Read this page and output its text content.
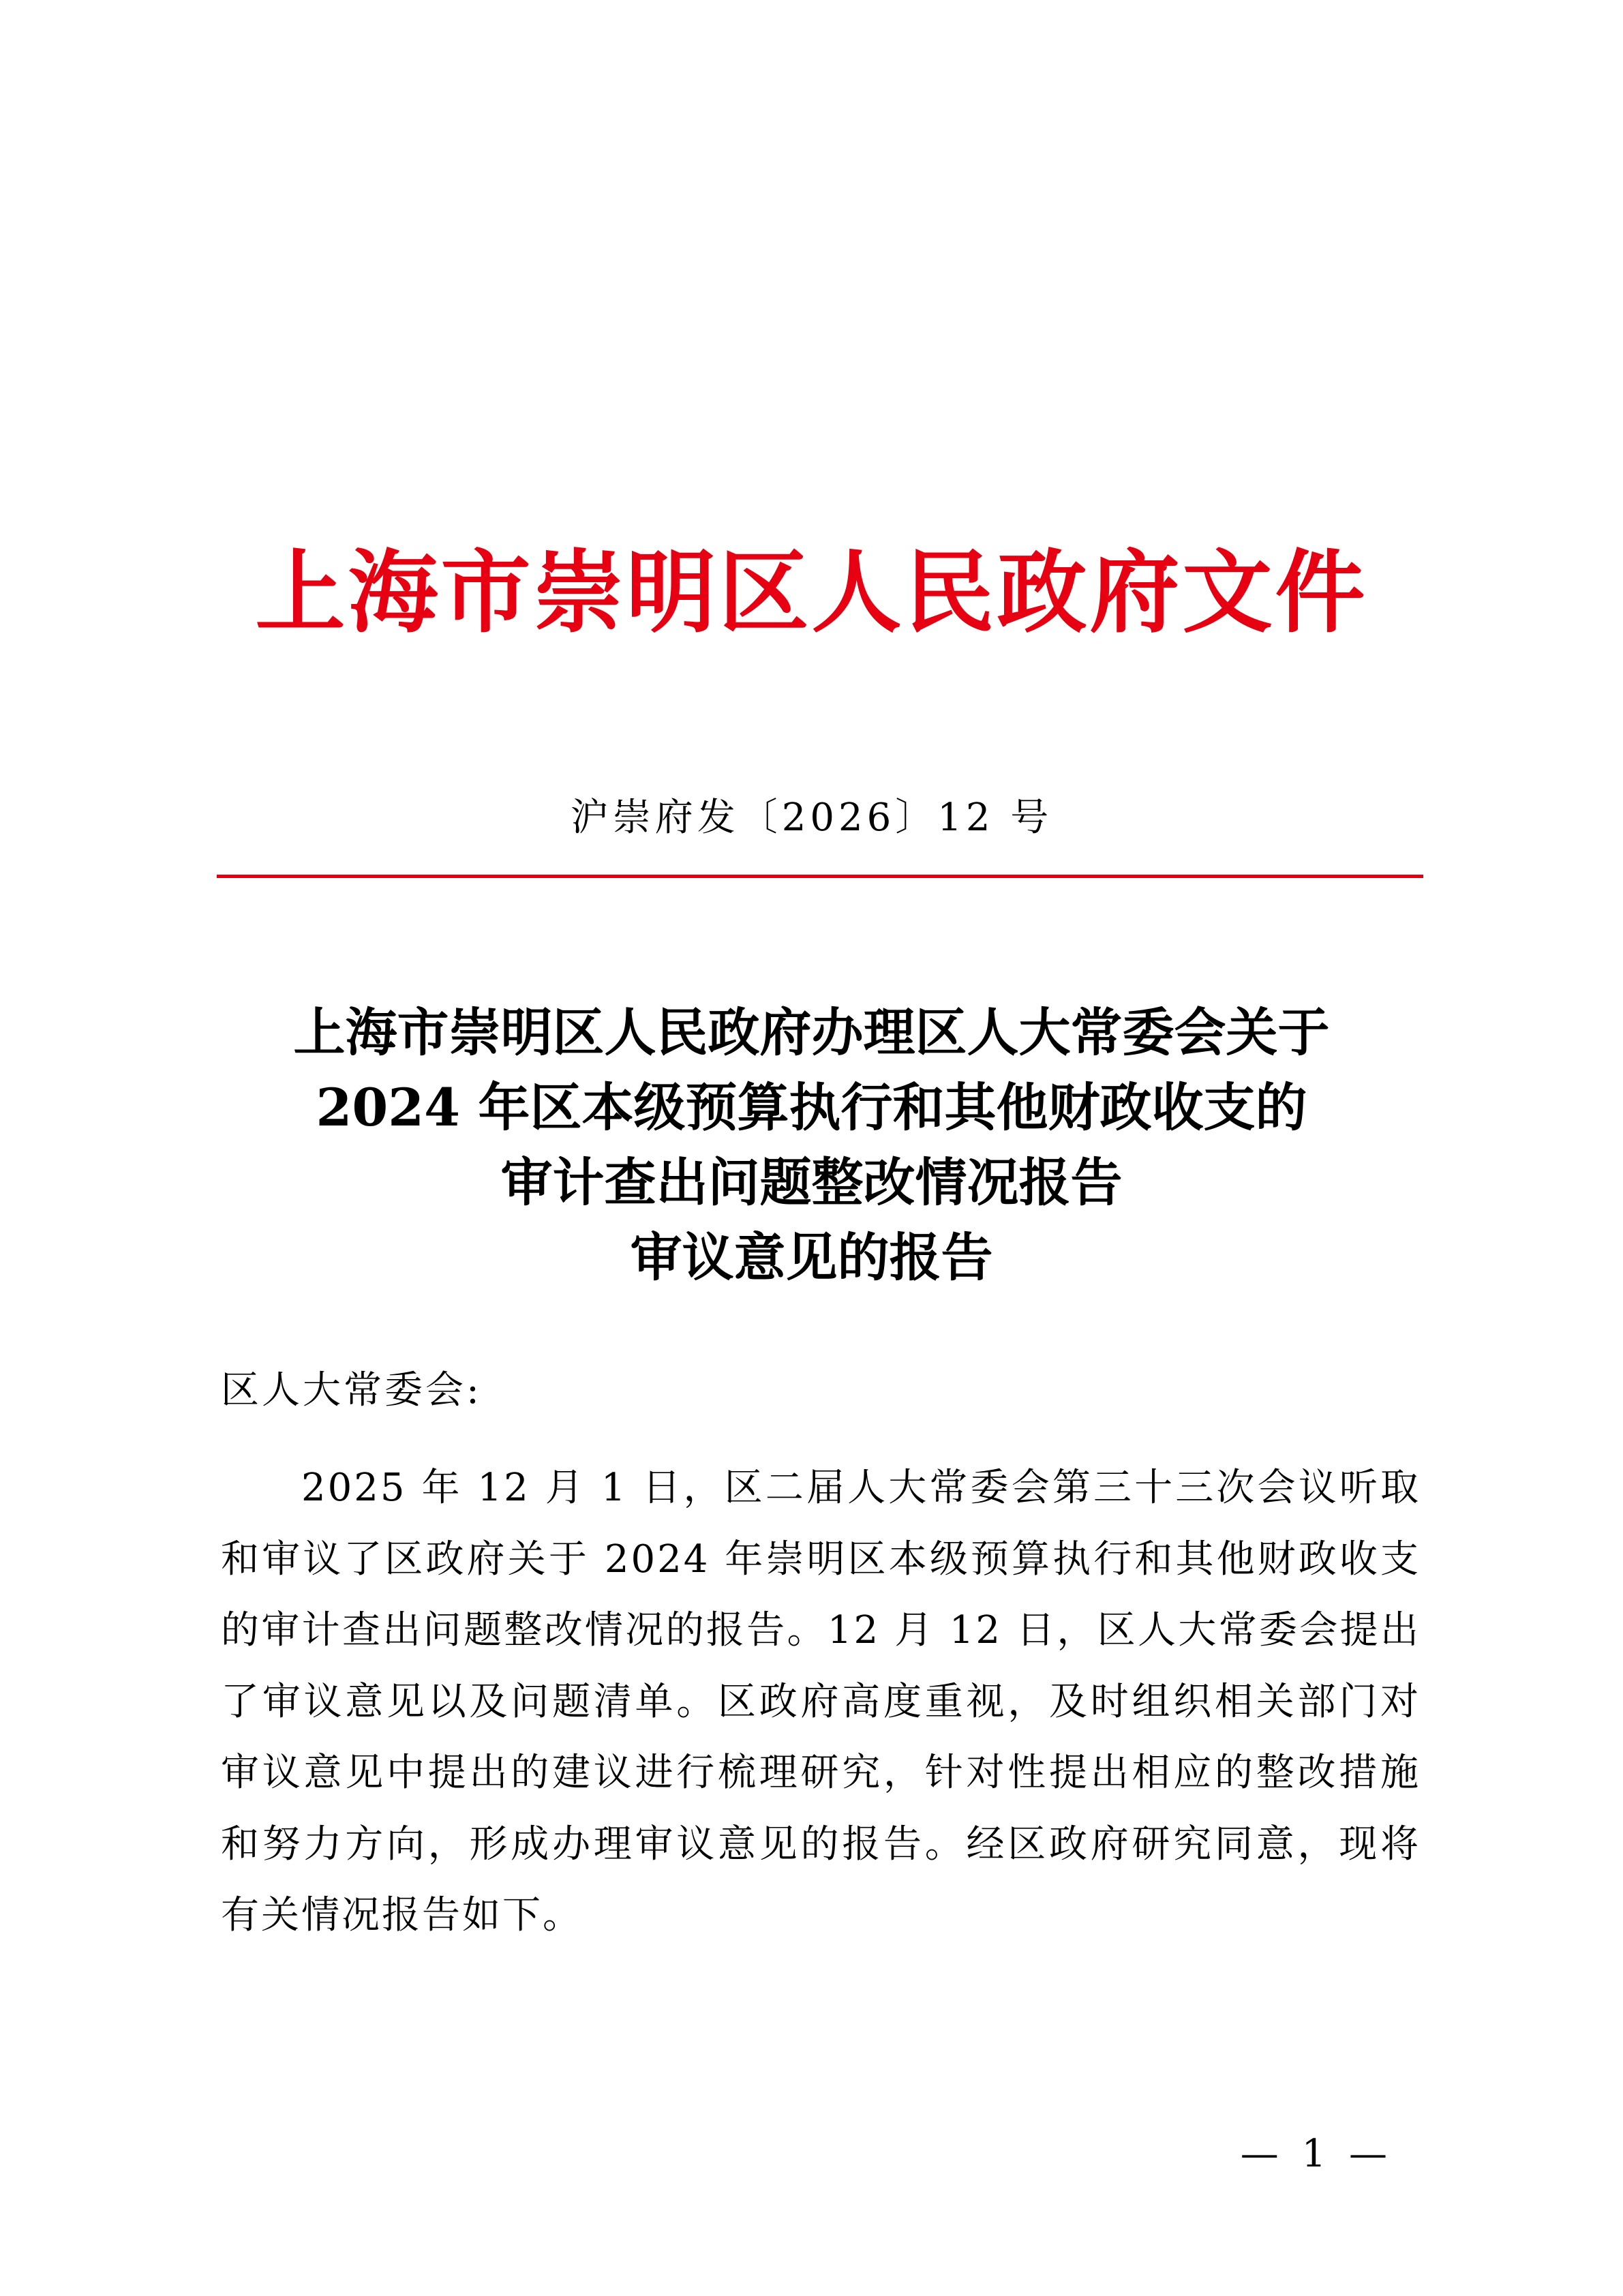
上海市崇明区人民政府文件
沪崇府发〔2026〕12 号
上海市崇明区人民政府办理区人大常委会关于
2024 年区本级预算执行和其他财政收支的
审计查出问题整改情况报告
审议意见的报告
区人大常委会:

2025 年 12 月 1 日，区二届人大常委会第三十三次会议听取和审议了区政府关于 2024 年崇明区本级预算执行和其他财政收支的审计查出问题整改情况的报告。12 月 12 日，区人大常委会提出了审议意见以及问题清单。区政府高度重视，及时组织相关部门对审议意见中提出的建议进行梳理研究，针对性提出相应的整改措施和努力方向，形成办理审议意见的报告。经区政府研究同意，现将有关情况报告如下。

— 1 —
